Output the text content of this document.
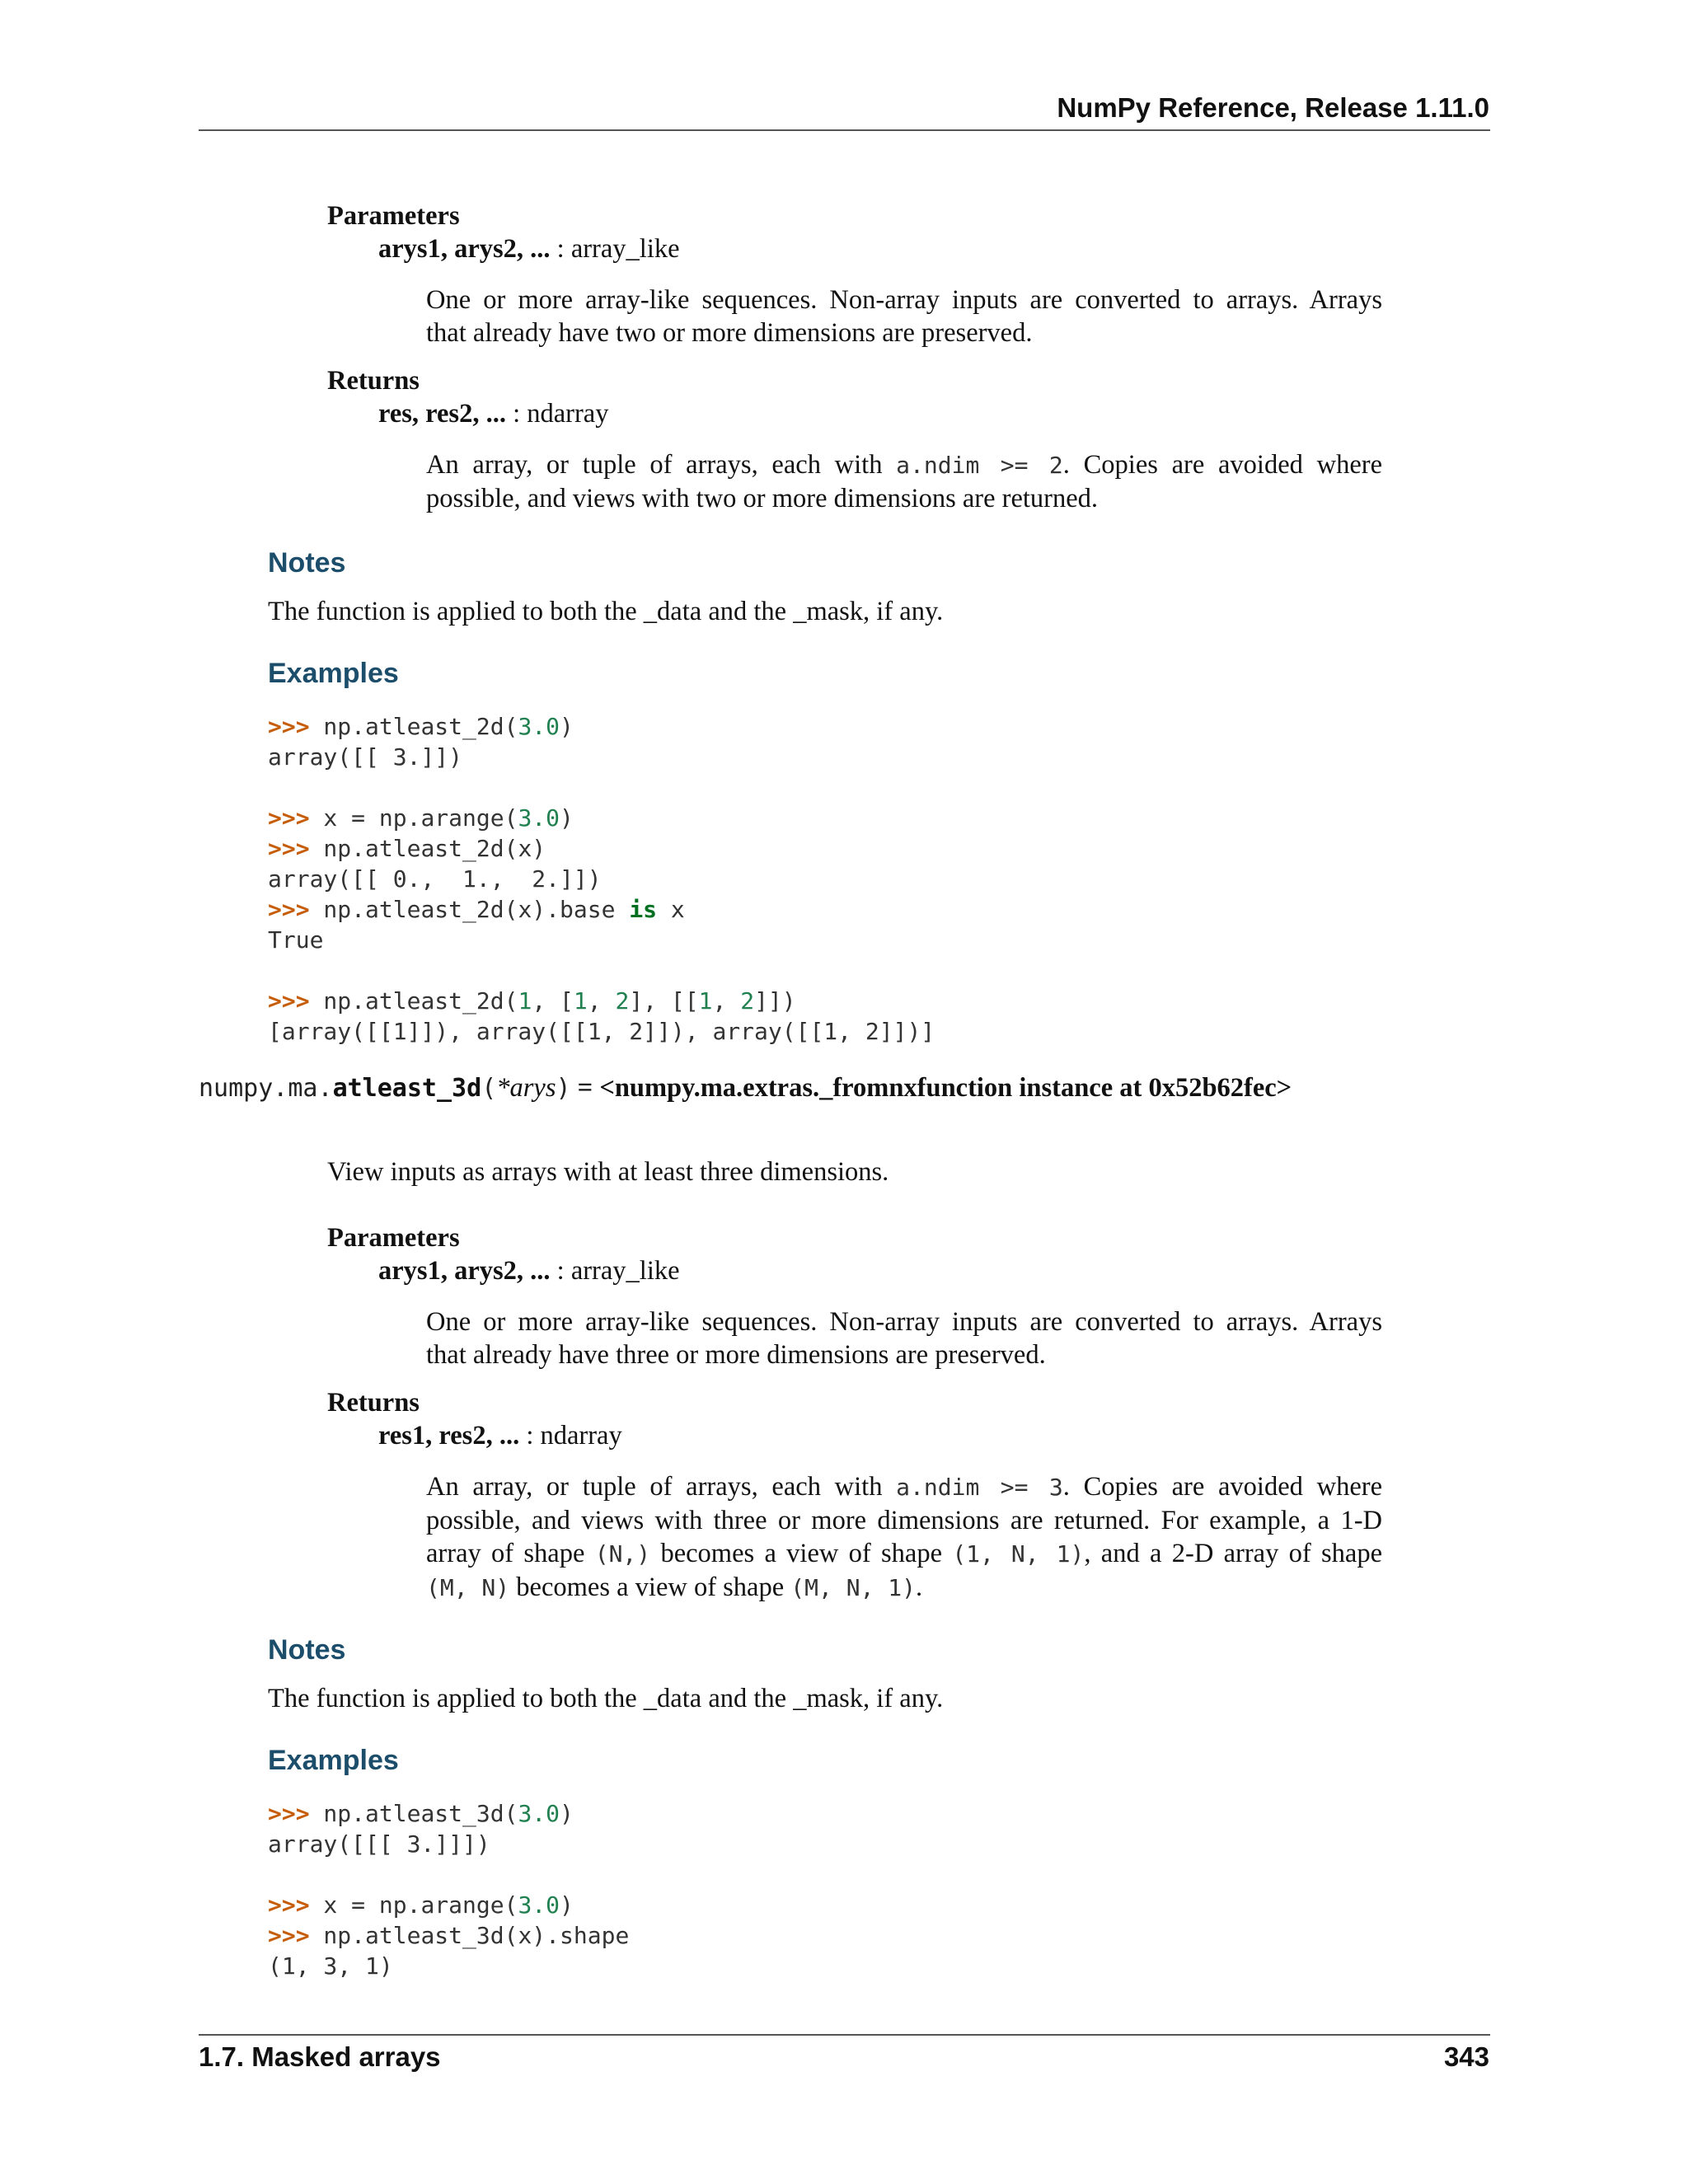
NumPy Reference, Release 1.11.0
Parameters
arys1, arys2, ... : array_like
One or more array-like sequences. Non-array inputs are converted to arrays. Arrays
that already have two or more dimensions are preserved.
Returns
res, res2, ... : ndarray
An array, or tuple of arrays, each with a.ndim >= 2. Copies are avoided where
possible, and views with two or more dimensions are returned.
Notes
The function is applied to both the _data and the _mask, if any.
Examples
>>> np.atleast_2d(3.0)
array([[ 3.]])

>>> x = np.arange(3.0)
>>> np.atleast_2d(x)
array([[ 0.,  1.,  2.]])
>>> np.atleast_2d(x).base is x
True

>>> np.atleast_2d(1, [1, 2], [[1, 2]])
[array([[1]]), array([[1, 2]]), array([[1, 2]])]
numpy.ma.atleast_3d(*arys) = <numpy.ma.extras._fromnxfunction instance at 0x52b62fec>
View inputs as arrays with at least three dimensions.
Parameters
arys1, arys2, ... : array_like
One or more array-like sequences. Non-array inputs are converted to arrays. Arrays
that already have three or more dimensions are preserved.
Returns
res1, res2, ... : ndarray
An array, or tuple of arrays, each with a.ndim >= 3. Copies are avoided where
possible, and views with three or more dimensions are returned. For example, a 1-D
array of shape (N,) becomes a view of shape (1, N, 1), and a 2-D array of shape
(M, N) becomes a view of shape (M, N, 1).
Notes
The function is applied to both the _data and the _mask, if any.
Examples
>>> np.atleast_3d(3.0)
array([[[ 3.]]])

>>> x = np.arange(3.0)
>>> np.atleast_3d(x).shape
(1, 3, 1)
1.7. Masked arrays	343
